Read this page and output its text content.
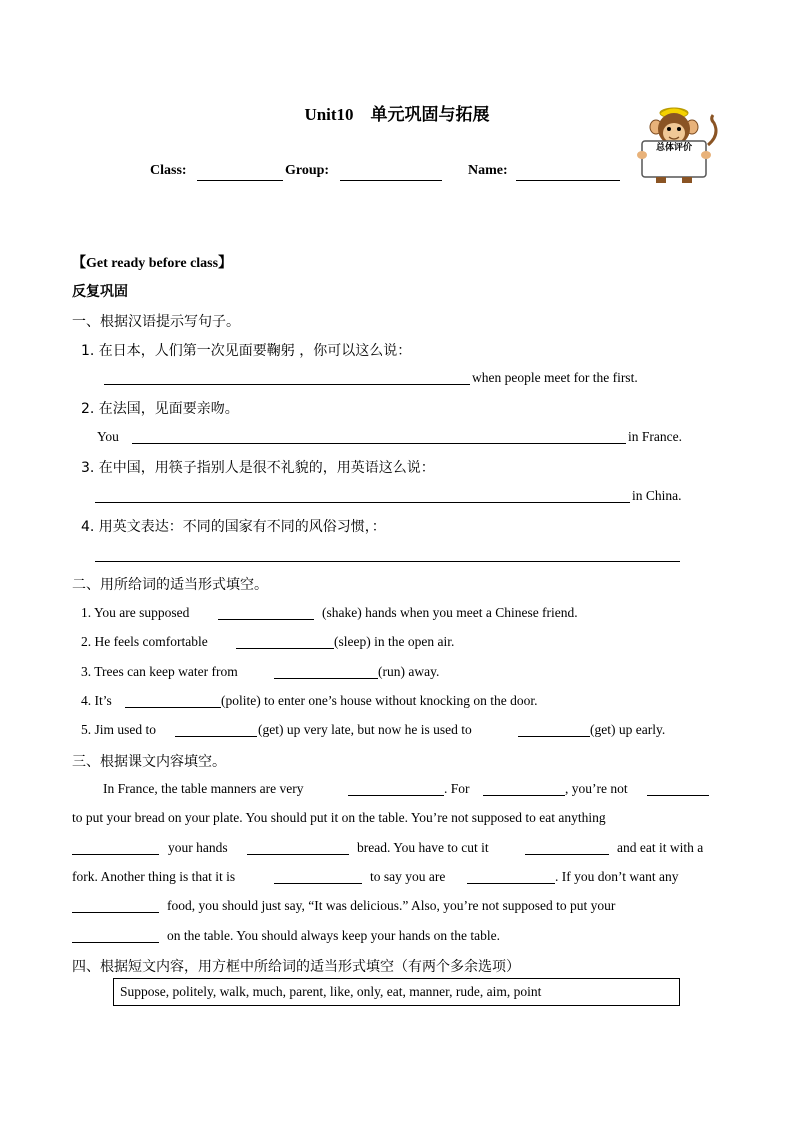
Unit10　单元巩固与拓展
Class:	Group:	Name:
总体评价
【Get ready before class】
反复巩固
一、根据汉语提示写句子。
1. 在日本，人们第一次见面要鞠躬 ，你可以这么说：
when people meet for the first.
2. 在法国，见面要亲吻。
You	in France.
3. 在中国，用筷子指别人是很不礼貌的，用英语这么说：
in China.
4. 用英文表达：不同的国家有不同的风俗习惯，：
二、用所给词的适当形式填空。
1. You are supposed	(shake) hands when you meet a Chinese friend.
2. He feels comfortable	(sleep) in the open air.
3. Trees can keep water from	(run) away.
4. It’s	(polite) to enter one’s house without knocking on the door.
5. Jim used to	(get) up very late, but now he is used to	(get) up early.
三、根据课文内容填空。
In France, the table manners are very	. For	, you’re not
to put your bread on your plate. You should put it on the table. You’re not supposed to eat anything
your hands	bread. You have to cut it	and eat it with a
fork. Another thing is that it is	to say you are	. If you don’t want any
food, you should just say, “It was delicious.” Also, you’re not supposed to put your
on the table. You should always keep your hands on the table.
四、根据短文内容，用方框中所给词的适当形式填空（有两个多余选项）
Suppose, politely, walk, much, parent, like, only, eat, manner, rude, aim, point
